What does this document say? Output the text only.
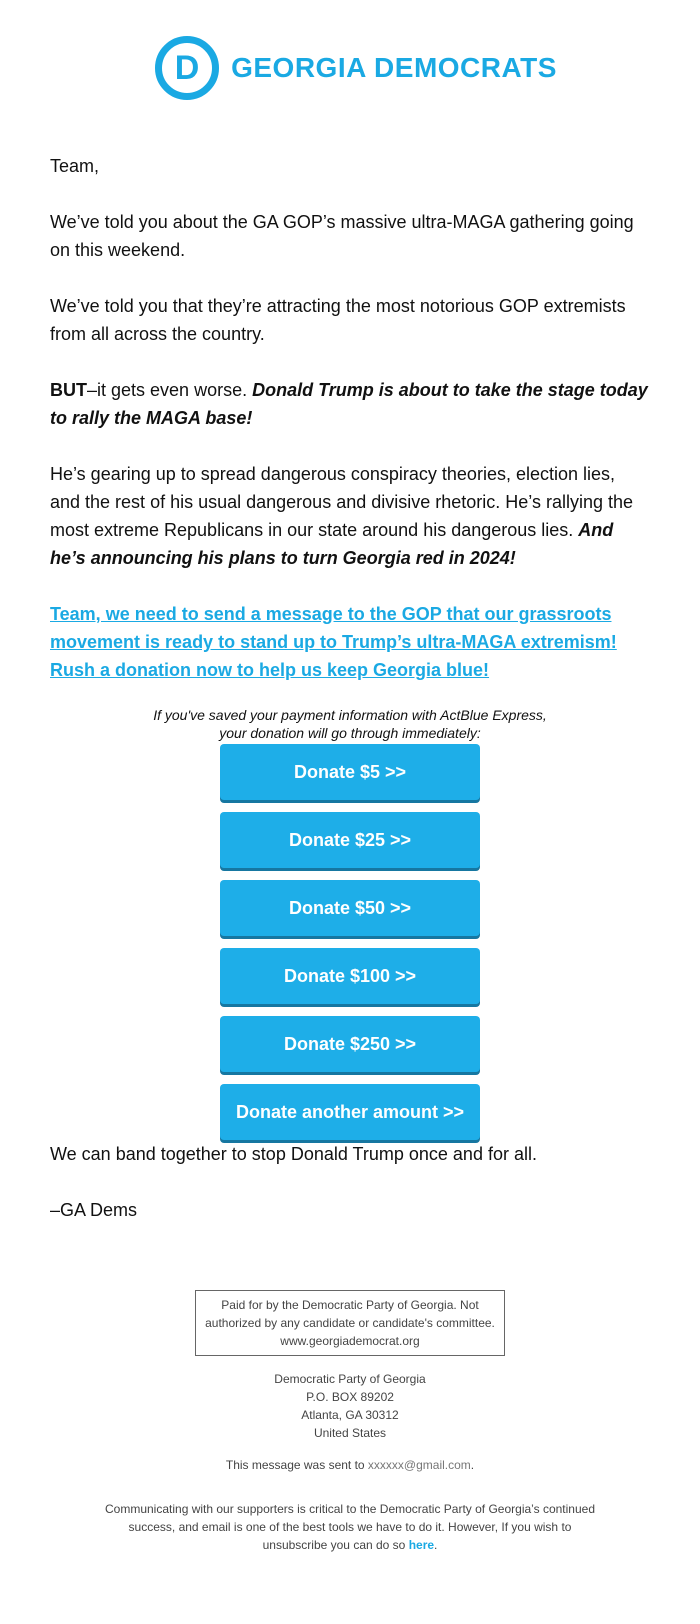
D GEORGIA DEMOCRATS

Team,

We’ve told you about the GA GOP’s massive ultra-MAGA gathering going on this weekend.

We’ve told you that they’re attracting the most notorious GOP extremists from all across the country.

BUT–it gets even worse. Donald Trump is about to take the stage today to rally the MAGA base!

He’s gearing up to spread dangerous conspiracy theories, election lies, and the rest of his usual dangerous and divisive rhetoric. He’s rallying the most extreme Republicans in our state around his dangerous lies. And he’s announcing his plans to turn Georgia red in 2024!

Team, we need to send a message to the GOP that our grassroots movement is ready to stand up to Trump’s ultra-MAGA extremism! Rush a donation now to help us keep Georgia blue!

If you've saved your payment information with ActBlue Express,
your donation will go through immediately:
Donate $5 >>
Donate $25 >>
Donate $50 >>
Donate $100 >>
Donate $250 >>
Donate another amount >>

We can band together to stop Donald Trump once and for all.

–GA Dems

Paid for by the Democratic Party of Georgia. Not authorized by any candidate or candidate's committee.
www.georgiademocrat.org
Democratic Party of Georgia
P.O. BOX 89202
Atlanta, GA 30312
United States
This message was sent to xxxxxx@gmail.com.
Communicating with our supporters is critical to the Democratic Party of Georgia’s continued success, and email is one of the best tools we have to do it. However, If you wish to unsubscribe you can do so here.
